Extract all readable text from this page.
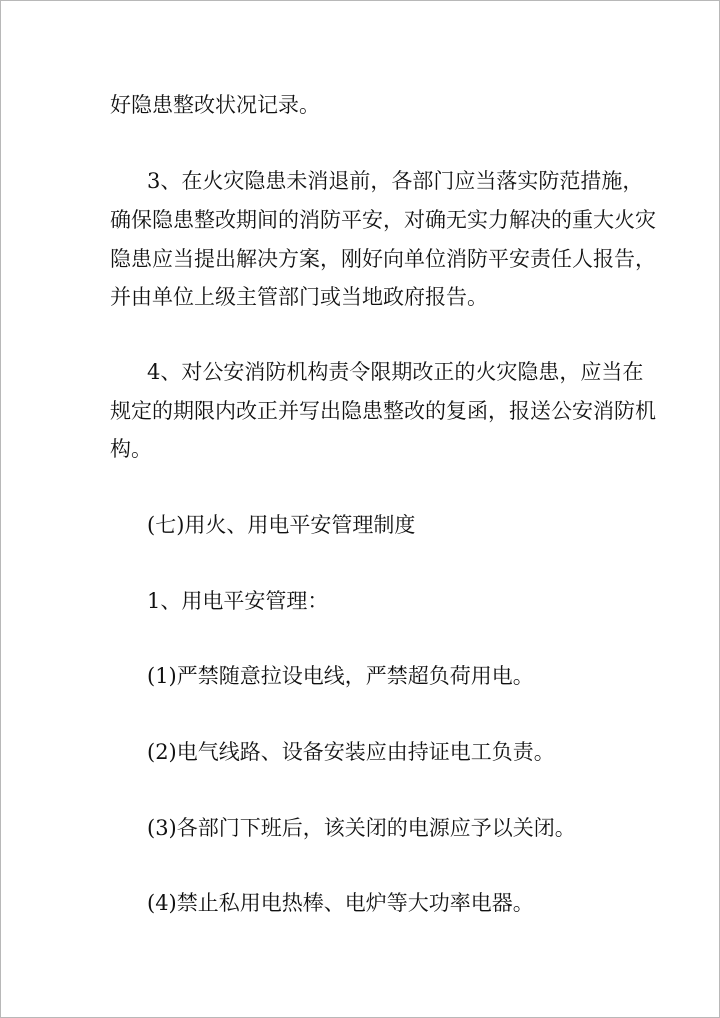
好隐患整改状况记录。

3、在火灾隐患未消退前，各部门应当落实防范措施，

确保隐患整改期间的消防平安，对确无实力解决的重大火灾

隐患应当提出解决方案，刚好向单位消防平安责任人报告，

并由单位上级主管部门或当地政府报告。

4、对公安消防机构责令限期改正的火灾隐患，应当在

规定的期限内改正并写出隐患整改的复函，报送公安消防机

构。

(七)用火、用电平安管理制度

1、用电平安管理：

(1)严禁随意拉设电线，严禁超负荷用电。

(2)电气线路、设备安装应由持证电工负责。

(3)各部门下班后，该关闭的电源应予以关闭。

(4)禁止私用电热棒、电炉等大功率电器。
